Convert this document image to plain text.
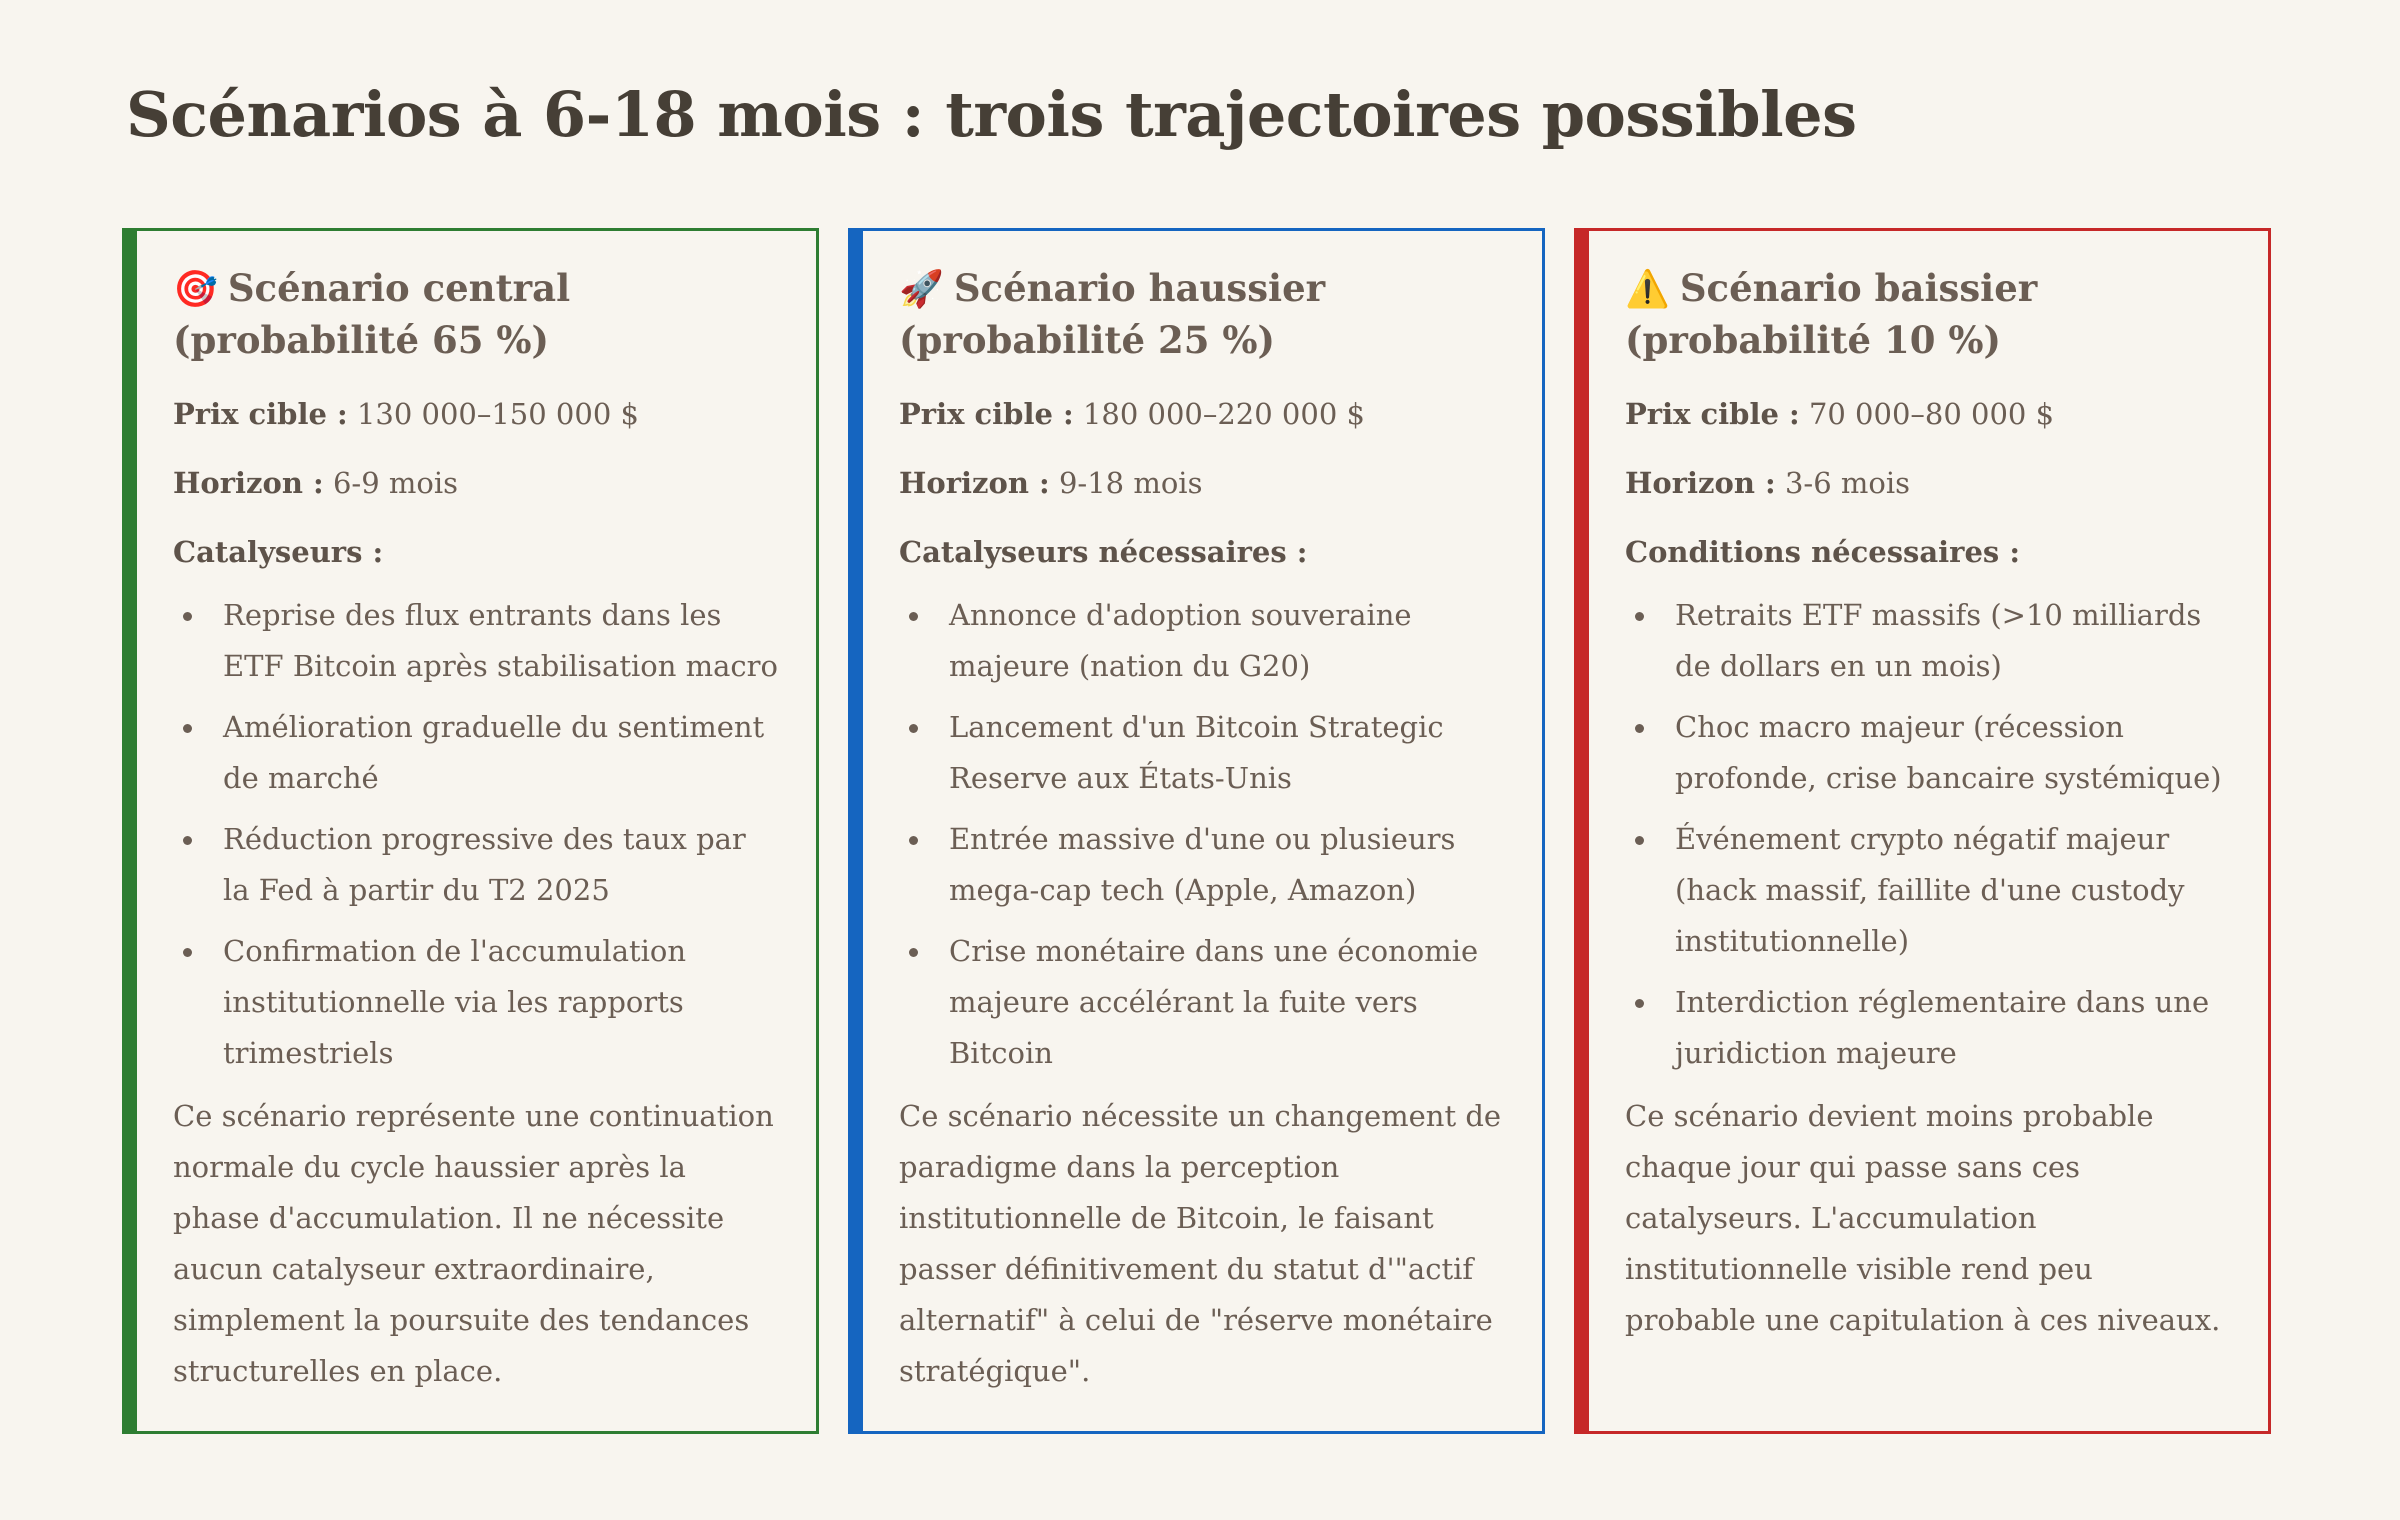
Scénarios à 6-18 mois : trois trajectoires possibles
🎯 Scénario central
(probabilité 65 %)

Prix cible : 130 000–150 000 $

Horizon : 6-9 mois

Catalyseurs :

Reprise des flux entrants dans les ETF Bitcoin après stabilisation macro
Amélioration graduelle du sentiment de marché
Réduction progressive des taux par la Fed à partir du T2 2025
Confirmation de l'accumulation institutionnelle via les rapports trimestriels

Ce scénario représente une continuation normale du cycle haussier après la phase d'accumulation. Il ne nécessite aucun catalyseur extraordinaire, simplement la poursuite des tendances structurelles en place.

🚀 Scénario haussier
(probabilité 25 %)

Prix cible : 180 000–220 000 $

Horizon : 9-18 mois

Catalyseurs nécessaires :

Annonce d'adoption souveraine majeure (nation du G20)
Lancement d'un Bitcoin Strategic Reserve aux États-Unis
Entrée massive d'une ou plusieurs mega-cap tech (Apple, Amazon)
Crise monétaire dans une économie majeure accélérant la fuite vers Bitcoin

Ce scénario nécessite un changement de paradigme dans la perception institutionnelle de Bitcoin, le faisant passer définitivement du statut d'"actif alternatif" à celui de "réserve monétaire stratégique".

⚠️ Scénario baissier
(probabilité 10 %)

Prix cible : 70 000–80 000 $

Horizon : 3-6 mois

Conditions nécessaires :

Retraits ETF massifs (>10 milliards de dollars en un mois)
Choc macro majeur (récession profonde, crise bancaire systémique)
Événement crypto négatif majeur (hack massif, faillite d'une custody institutionnelle)
Interdiction réglementaire dans une juridiction majeure

Ce scénario devient moins probable chaque jour qui passe sans ces catalyseurs. L'accumulation institutionnelle visible rend peu probable une capitulation à ces niveaux.
